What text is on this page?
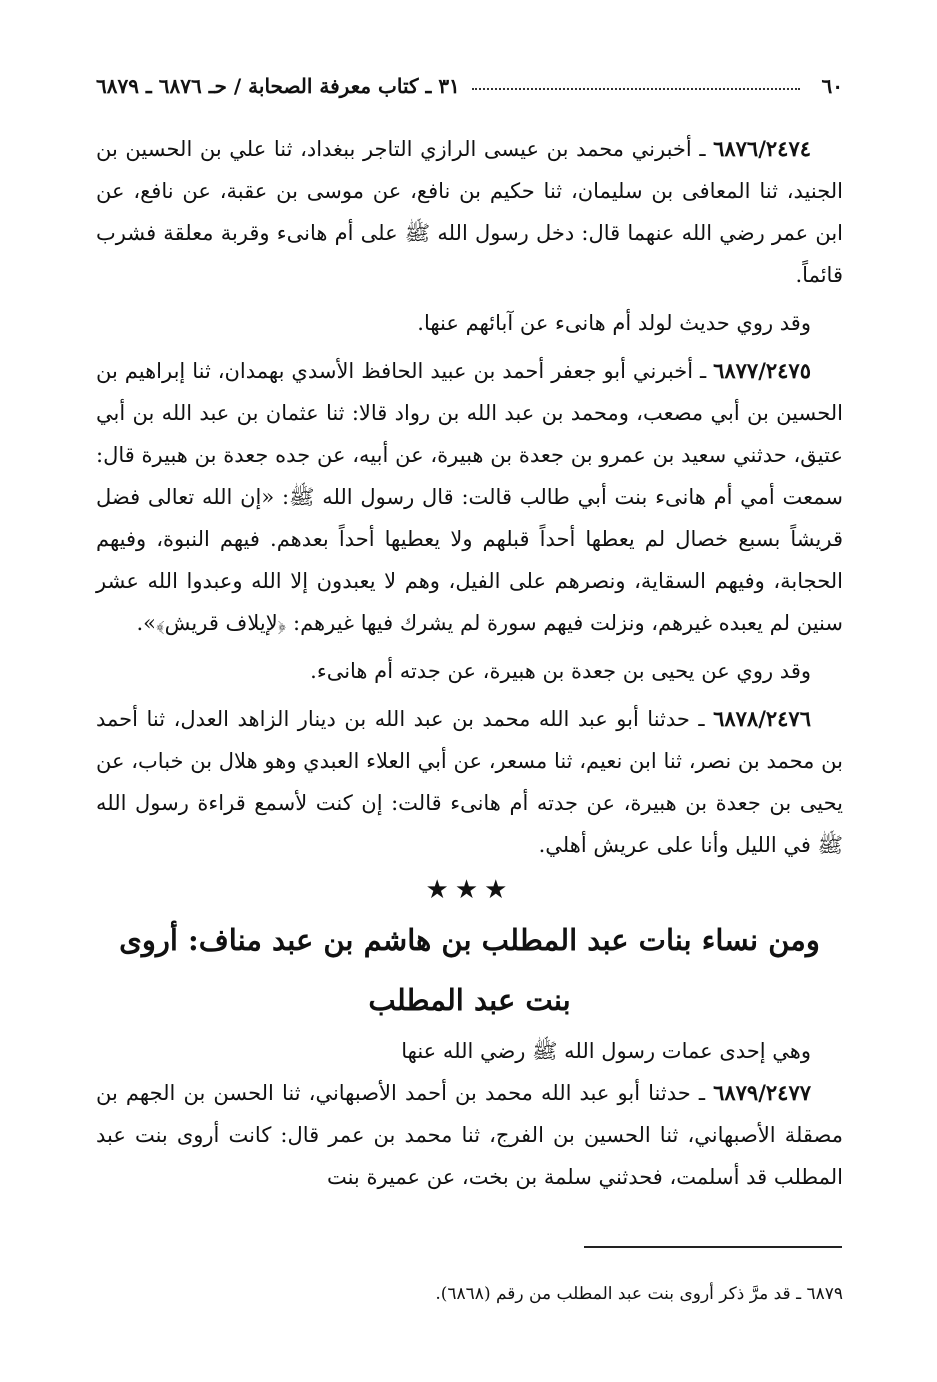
٦٠
٣١ ـ كتاب معرفة الصحابة / حـ ٦٨٧٦ ـ ٦٨٧٩

٦٨٧٦/٢٤٧٤ ـ أخبرني محمد بن عيسى الرازي التاجر ببغداد، ثنا علي بن الحسين بن الجنيد، ثنا المعافى بن سليمان، ثنا حكيم بن نافع، عن موسى بن عقبة، عن نافع، عن ابن عمر رضي الله عنهما قال: دخل رسول الله ﷺ على أم هانىء وقربة معلقة فشرب قائماً.

وقد روي حديث لولد أم هانىء عن آبائهم عنها.

٦٨٧٧/٢٤٧٥ ـ أخبرني أبو جعفر أحمد بن عبيد الحافظ الأسدي بهمدان، ثنا إبراهيم بن الحسين بن أبي مصعب، ومحمد بن عبد الله بن رواد قالا: ثنا عثمان بن عبد الله بن أبي عتيق، حدثني سعيد بن عمرو بن جعدة بن هبيرة، عن أبيه، عن جده جعدة بن هبيرة قال: سمعت أمي أم هانىء بنت أبي طالب قالت: قال رسول الله ﷺ: «إن الله تعالى فضل قريشاً بسبع خصال لم يعطها أحداً قبلهم ولا يعطيها أحداً بعدهم. فيهم النبوة، وفيهم الحجابة، وفيهم السقاية، ونصرهم على الفيل، وهم لا يعبدون إلا الله وعبدوا الله عشر سنين لم يعبده غيرهم، ونزلت فيهم سورة لم يشرك فيها غيرهم: ﴿لإيلاف قريش﴾».

وقد روي عن يحيى بن جعدة بن هبيرة، عن جدته أم هانىء.

٦٨٧٨/٢٤٧٦ ـ حدثنا أبو عبد الله محمد بن عبد الله بن دينار الزاهد العدل، ثنا أحمد بن محمد بن نصر، ثنا ابن نعيم، ثنا مسعر، عن أبي العلاء العبدي وهو هلال بن خباب، عن يحيى بن جعدة بن هبيرة، عن جدته أم هانىء قالت: إن كنت لأسمع قراءة رسول الله ﷺ في الليل وأنا على عريش أهلي.

★★★
ومن نساء بنات عبد المطلب بن هاشم بن عبد مناف: أروى
بنت عبد المطلب

وهي إحدى عمات رسول الله ﷺ رضي الله عنها

٦٨٧٩/٢٤٧٧ ـ حدثنا أبو عبد الله محمد بن أحمد الأصبهاني، ثنا الحسن بن الجهم بن مصقلة الأصبهاني، ثنا الحسين بن الفرج، ثنا محمد بن عمر قال: كانت أروى بنت عبد المطلب قد أسلمت، فحدثني سلمة بن بخت، عن عميرة بنت

٦٨٧٩ ـ قد مرَّ ذكر أروى بنت عبد المطلب من رقم (٦٨٦٨).
